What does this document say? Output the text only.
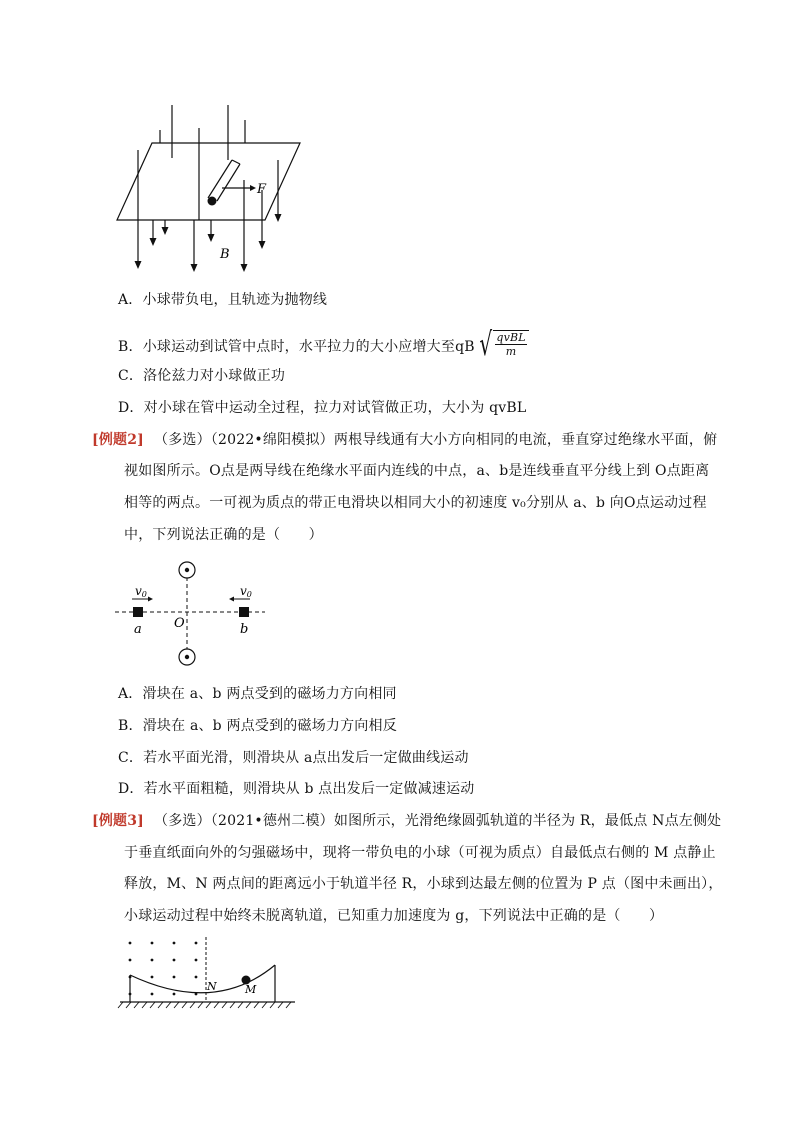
F
B
A．小球带负电，且轨迹为抛物线
B．小球运动到试管中点时，水平拉力的大小应增大至qB √ qvBL
m
C．洛伦兹力对小球做正功
D．对小球在管中运动全过程，拉力对试管做正功，大小为 qvBL
[例题2] （多选）（2022•绵阳模拟）两根导线通有大小方向相同的电流，垂直穿过绝缘水平面，俯
视如图所示。O点是两导线在绝缘水平面内连线的中点，a、b是连线垂直平分线上到 O点距离
相等的两点。一可视为质点的带正电滑块以相同大小的初速度 v₀分别从 a、b 向O点运动过程
中，下列说法正确的是（　　）
v0	v0
a O	b
A．滑块在 a、b 两点受到的磁场力方向相同
B．滑块在 a、b 两点受到的磁场力方向相反
C．若水平面光滑，则滑块从 a点出发后一定做曲线运动
D．若水平面粗糙，则滑块从 b 点出发后一定做减速运动
[例题3] （多选）（2021•德州二模）如图所示，光滑绝缘圆弧轨道的半径为 R，最低点 N点左侧处
于垂直纸面向外的匀强磁场中，现将一带负电的小球（可视为质点）自最低点右侧的 M 点静止
释放，M、N 两点间的距离远小于轨道半径 R，小球到达最左侧的位置为 P 点（图中未画出），
小球运动过程中始终未脱离轨道，已知重力加速度为 g，下列说法中正确的是（　　）
N	M
